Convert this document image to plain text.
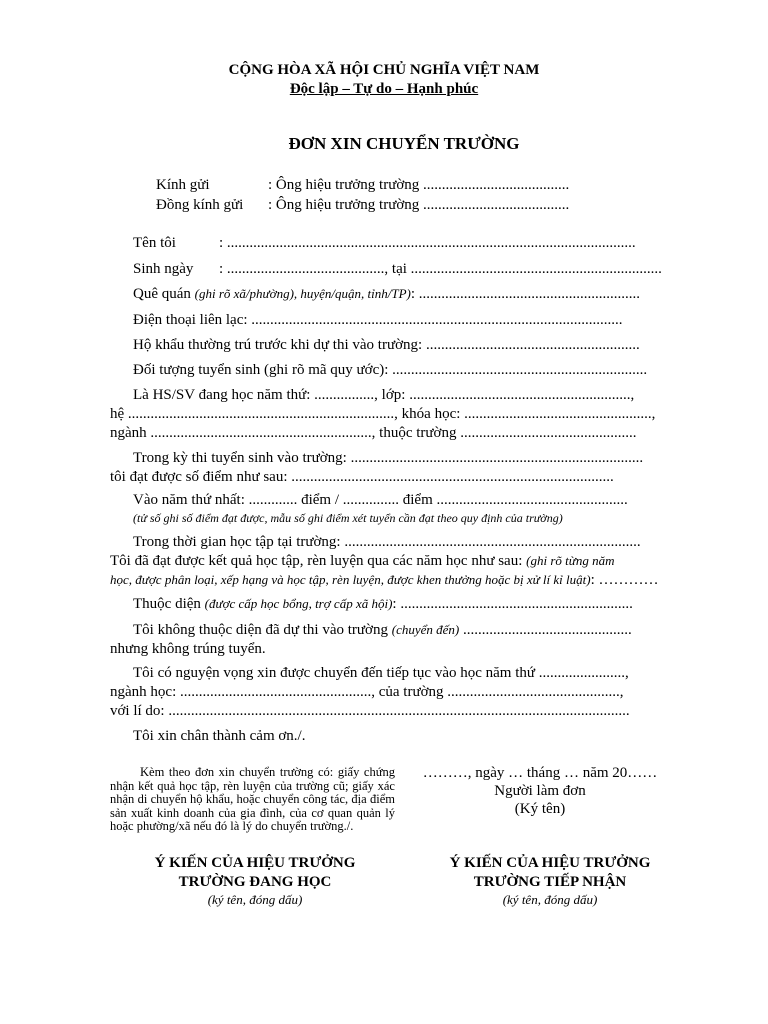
CỘNG HÒA XÃ HỘI CHỦ NGHĨA VIỆT NAM
Độc lập – Tự do – Hạnh phúc
ĐƠN XIN CHUYỂN TRƯỜNG
Kính gửi	: Ông hiệu trưởng trường .......................................
Đồng kính gửi : Ông hiệu trưởng trường .......................................
Tên tôi	: .............................................................................................................
Sinh ngày : .........................................., tại ...................................................................
Quê quán (ghi rõ xã/phường), huyện/quận, tỉnh/TP): ...........................................................
Điện thoại liên lạc: ...................................................................................................
Hộ khẩu thường trú trước khi dự thi vào trường: .........................................................
Đối tượng tuyển sinh (ghi rõ mã quy ước): ....................................................................
Là HS/SV đang học năm thứ: ................, lớp: ...........................................................,
hệ ......................................................................., khóa học: ..................................................,
ngành ..........................................................., thuộc trường ...............................................
Trong kỳ thi tuyển sinh vào trường: ..............................................................................
tôi đạt được số điểm như sau: ......................................................................................
Vào năm thứ nhất: ............. điểm / ............... điểm ...................................................
(tử số ghi số điểm đạt được, mẫu số ghi điểm xét tuyển cần đạt theo quy định của trường)
Trong thời gian học tập tại trường: ...............................................................................
Tôi đã đạt được kết quả học tập, rèn luyện qua các năm học như sau: (ghi rõ từng năm
học, được phân loại, xếp hạng và học tập, rèn luyện, được khen thưởng hoặc bị xử lí kỉ luật): …………
Thuộc diện (được cấp học bổng, trợ cấp xã hội): ..............................................................
Tôi không thuộc diện đã dự thi vào trường (chuyển đến) .............................................
nhưng không trúng tuyển.
Tôi có nguyện vọng xin được chuyển đến tiếp tục vào học năm thứ .......................,
ngành học: ..................................................., của trường ..............................................,
với lí do: ...........................................................................................................................
Tôi xin chân thành cảm ơn./.
Kèm theo đơn xin chuyển trường có: giấy chứng nhận kết quả học tập, rèn luyện của trường cũ; giấy xác nhận di chuyển hộ khẩu, hoặc chuyển công tác, địa điểm sản xuất kinh doanh của gia đình, của cơ quan quản lý hoặc phường/xã nếu đó là lý do chuyển trường./.
………, ngày … tháng … năm 20……
Người làm đơn
(Ký tên)
Ý KIẾN CỦA HIỆU TRƯỞNG
TRƯỜNG ĐANG HỌC
(ký tên, đóng dấu)
Ý KIẾN CỦA HIỆU TRƯỞNG
TRƯỜNG TIẾP NHẬN
(ký tên, đóng dấu)
